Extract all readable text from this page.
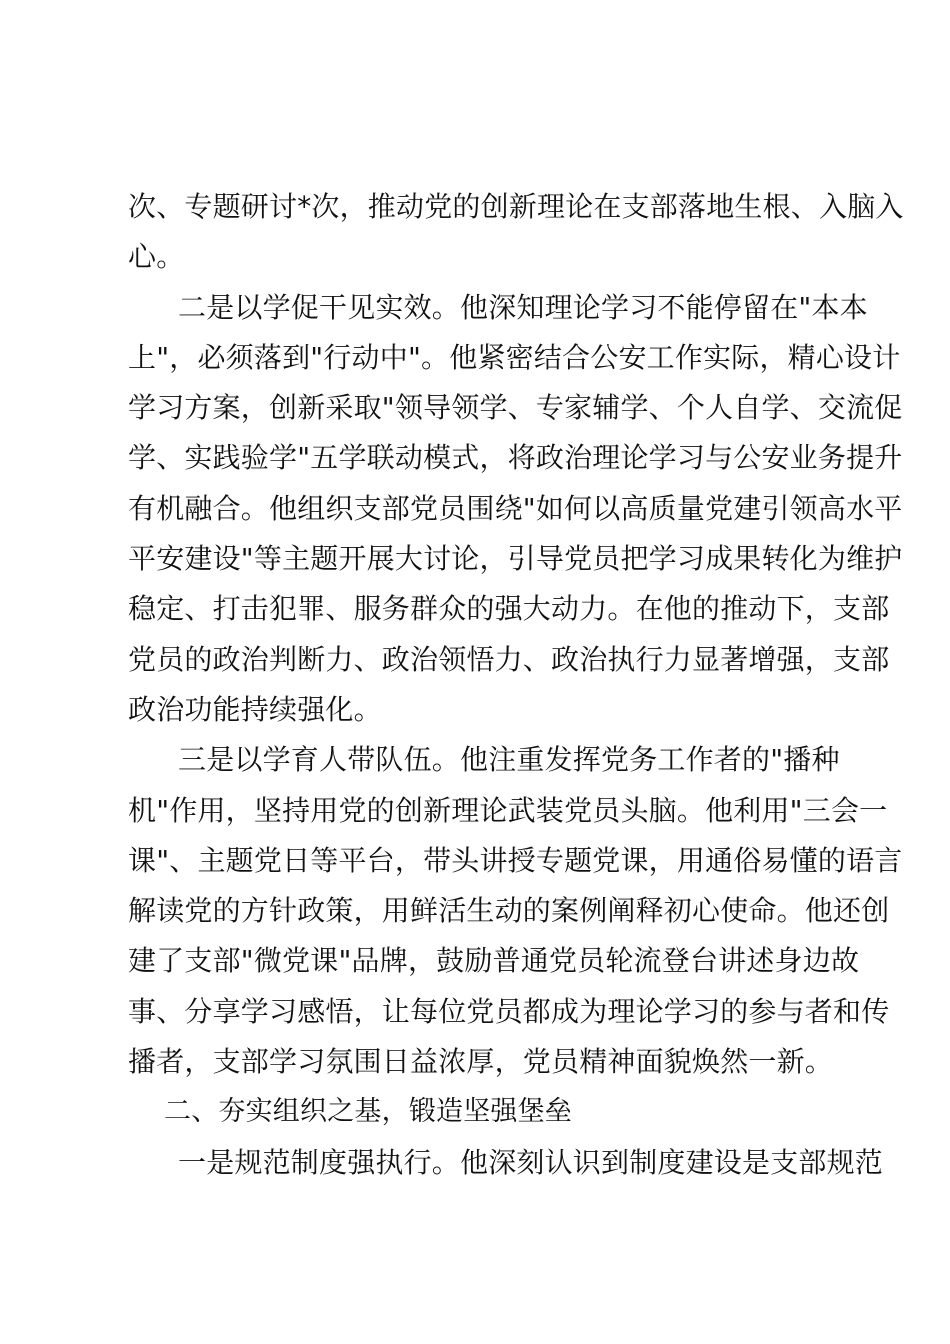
次、专题研讨*次，推动党的创新理论在支部落地生根、入脑入
心。
二是以学促干见实效。他深知理论学习不能停留在"本本
上"，必须落到"行动中"。他紧密结合公安工作实际，精心设计
学习方案，创新采取"领导领学、专家辅学、个人自学、交流促
学、实践验学"五学联动模式，将政治理论学习与公安业务提升
有机融合。他组织支部党员围绕"如何以高质量党建引领高水平
平安建设"等主题开展大讨论，引导党员把学习成果转化为维护
稳定、打击犯罪、服务群众的强大动力。在他的推动下，支部
党员的政治判断力、政治领悟力、政治执行力显著增强，支部
政治功能持续强化。
三是以学育人带队伍。他注重发挥党务工作者的"播种
机"作用，坚持用党的创新理论武装党员头脑。他利用"三会一
课"、主题党日等平台，带头讲授专题党课，用通俗易懂的语言
解读党的方针政策，用鲜活生动的案例阐释初心使命。他还创
建了支部"微党课"品牌，鼓励普通党员轮流登台讲述身边故
事、分享学习感悟，让每位党员都成为理论学习的参与者和传
播者，支部学习氛围日益浓厚，党员精神面貌焕然一新。
二、夯实组织之基，锻造坚强堡垒
一是规范制度强执行。他深刻认识到制度建设是支部规范
